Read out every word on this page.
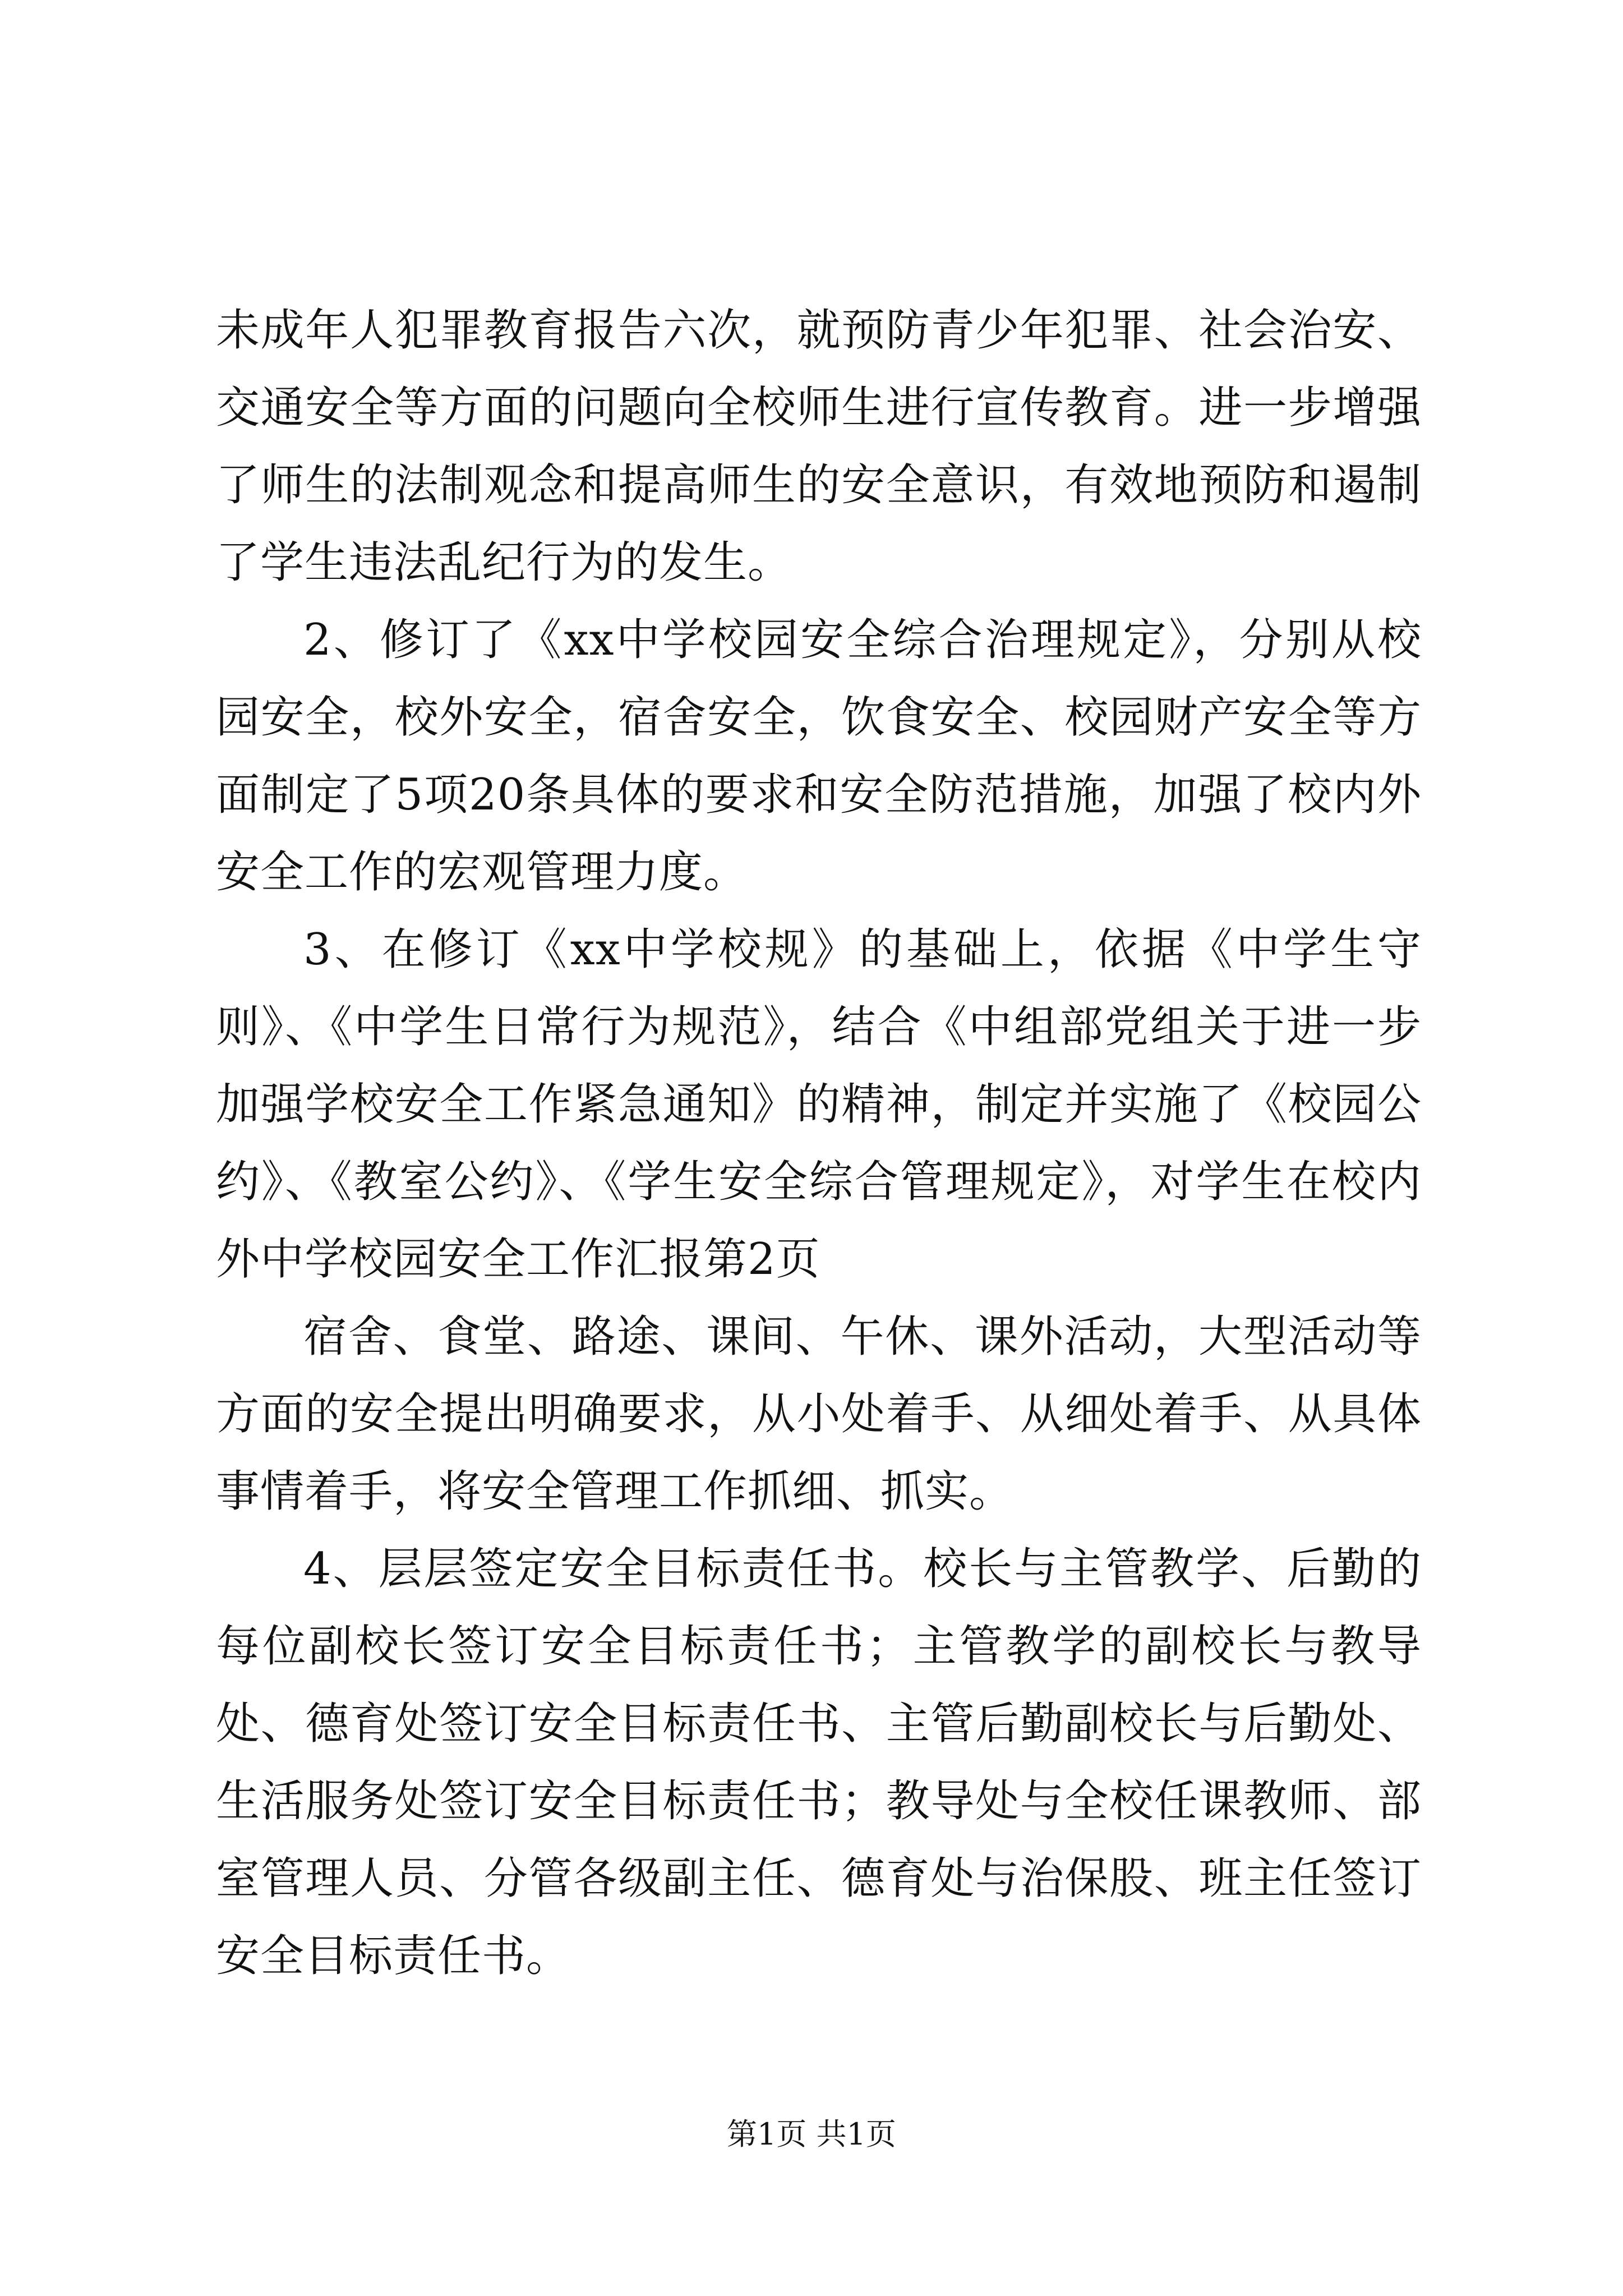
未成年人犯罪教育报告六次，就预防青少年犯罪、社会治安、交通安全等方面的问题向全校师生进行宣传教育。进一步增强了师生的法制观念和提高师生的安全意识，有效地预防和遏制了学生违法乱纪行为的发生。

2、修订了《xx中学校园安全综合治理规定》，分别从校园安全，校外安全，宿舍安全，饮食安全、校园财产安全等方面制定了5项20条具体的要求和安全防范措施，加强了校内外安全工作的宏观管理力度。

3、在修订《xx中学校规》的基础上，依据《中学生守则》、《中学生日常行为规范》，结合《中组部党组关于进一步加强学校安全工作紧急通知》的精神，制定并实施了《校园公约》、《教室公约》、《学生安全综合管理规定》，对学生在校内外中学校园安全工作汇报第2页

宿舍、食堂、路途、课间、午休、课外活动，大型活动等方面的安全提出明确要求，从小处着手、从细处着手、从具体事情着手，将安全管理工作抓细、抓实。

4、层层签定安全目标责任书。校长与主管教学、后勤的每位副校长签订安全目标责任书；主管教学的副校长与教导处、德育处签订安全目标责任书、主管后勤副校长与后勤处、生活服务处签订安全目标责任书；教导处与全校任课教师、部室管理人员、分管各级副主任、德育处与治保股、班主任签订安全目标责任书。

第1页 共1页
